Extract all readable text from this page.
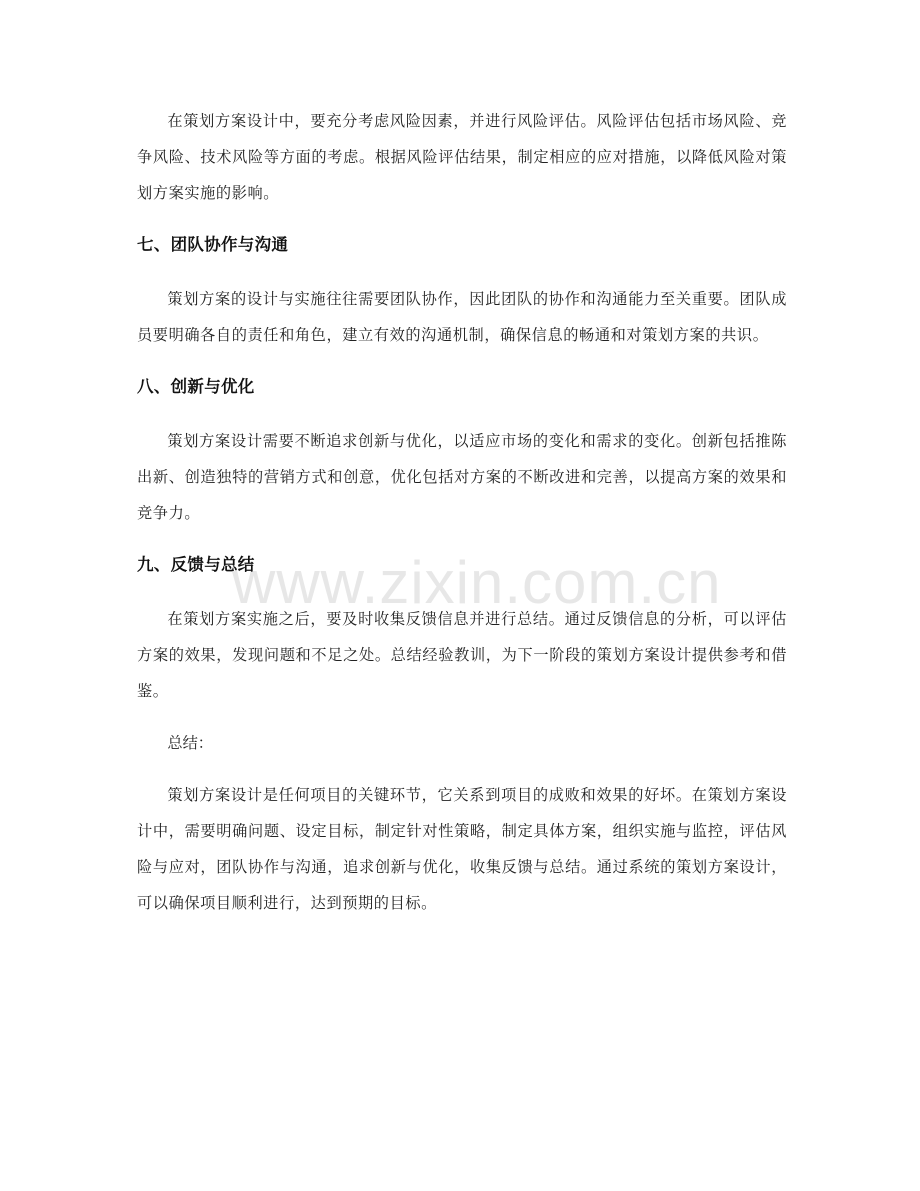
在策划方案设计中，要充分考虑风险因素，并进行风险评估。风险评估包括市场风险、竞争风险、技术风险等方面的考虑。根据风险评估结果，制定相应的应对措施，以降低风险对策划方案实施的影响。

七、团队协作与沟通

策划方案的设计与实施往往需要团队协作，因此团队的协作和沟通能力至关重要。团队成员要明确各自的责任和角色，建立有效的沟通机制，确保信息的畅通和对策划方案的共识。

八、创新与优化

策划方案设计需要不断追求创新与优化，以适应市场的变化和需求的变化。创新包括推陈出新、创造独特的营销方式和创意，优化包括对方案的不断改进和完善，以提高方案的效果和竞争力。

九、反馈与总结

在策划方案实施之后，要及时收集反馈信息并进行总结。通过反馈信息的分析，可以评估方案的效果，发现问题和不足之处。总结经验教训，为下一阶段的策划方案设计提供参考和借鉴。

总结：

策划方案设计是任何项目的关键环节，它关系到项目的成败和效果的好坏。在策划方案设计中，需要明确问题、设定目标，制定针对性策略，制定具体方案，组织实施与监控，评估风险与应对，团队协作与沟通，追求创新与优化，收集反馈与总结。通过系统的策划方案设计，可以确保项目顺利进行，达到预期的目标。

www.zixin.com.cn
